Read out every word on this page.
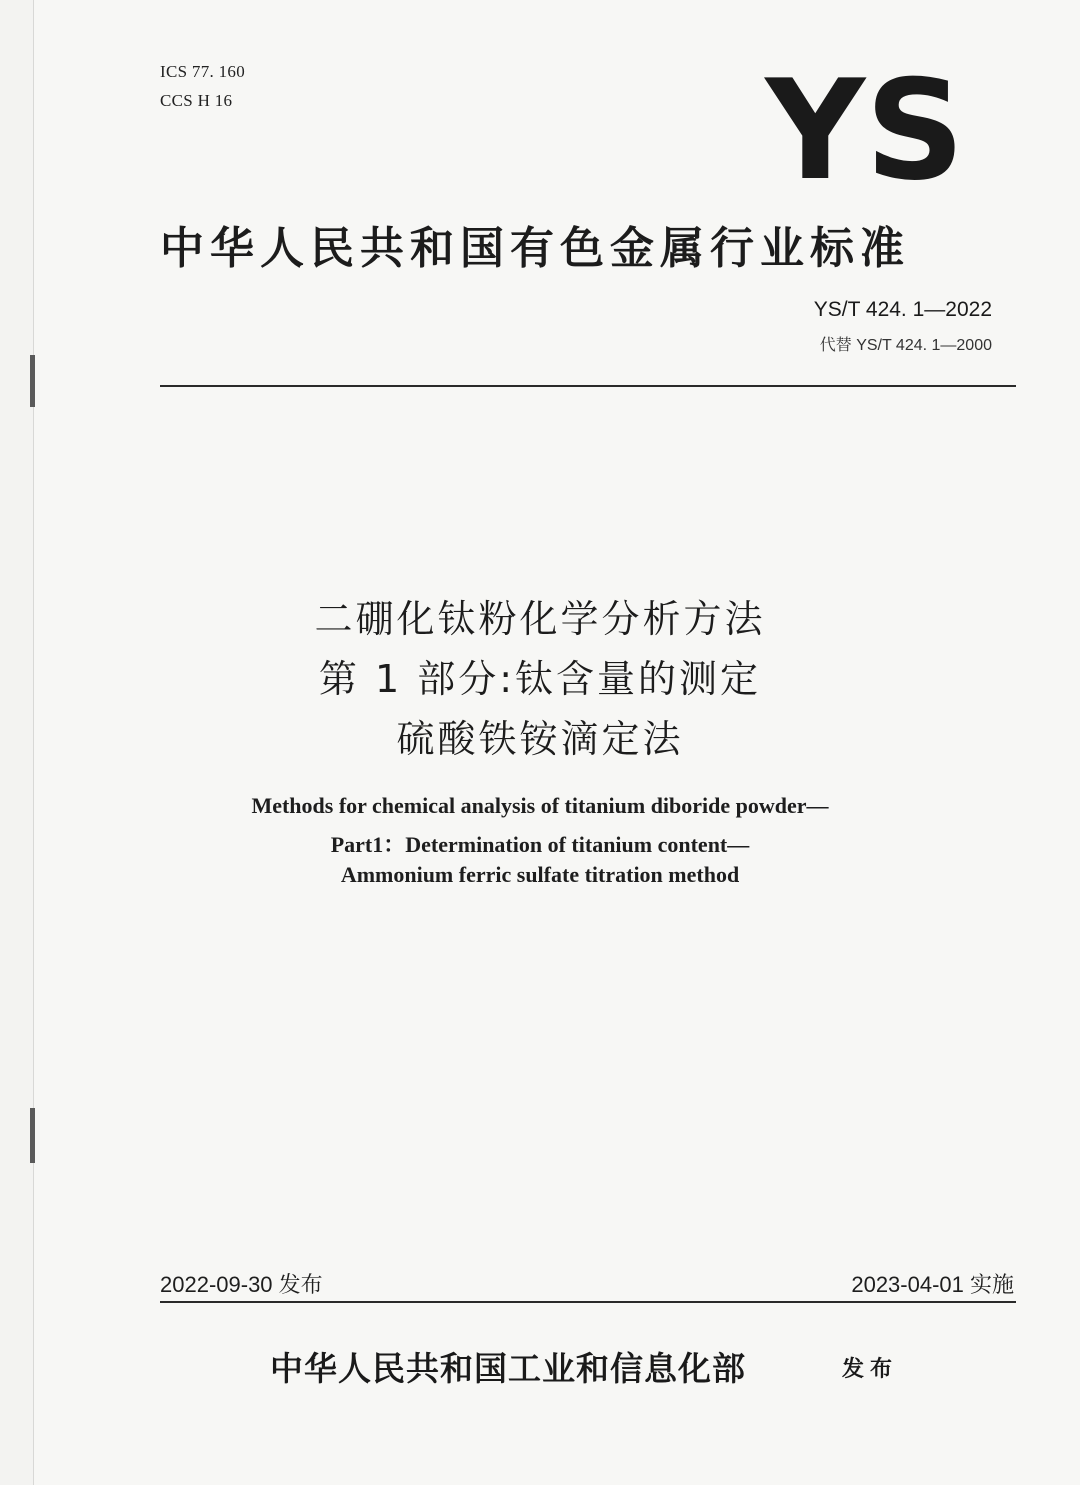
ICS 77. 160
CCS H 16	YS
中华人民共和国有色金属行业标准
YS/T 424. 1—2022
代替 YS/T 424. 1—2000
二硼化钛粉化学分析方法
第 1 部分:钛含量的测定
硫酸铁铵滴定法
Methods for chemical analysis of titanium diboride powder—
Part1：Determination of titanium content—
Ammonium ferric sulfate titration method
2022-09-30 发布	2023-04-01 实施
中华人民共和国工业和信息化部	发布
